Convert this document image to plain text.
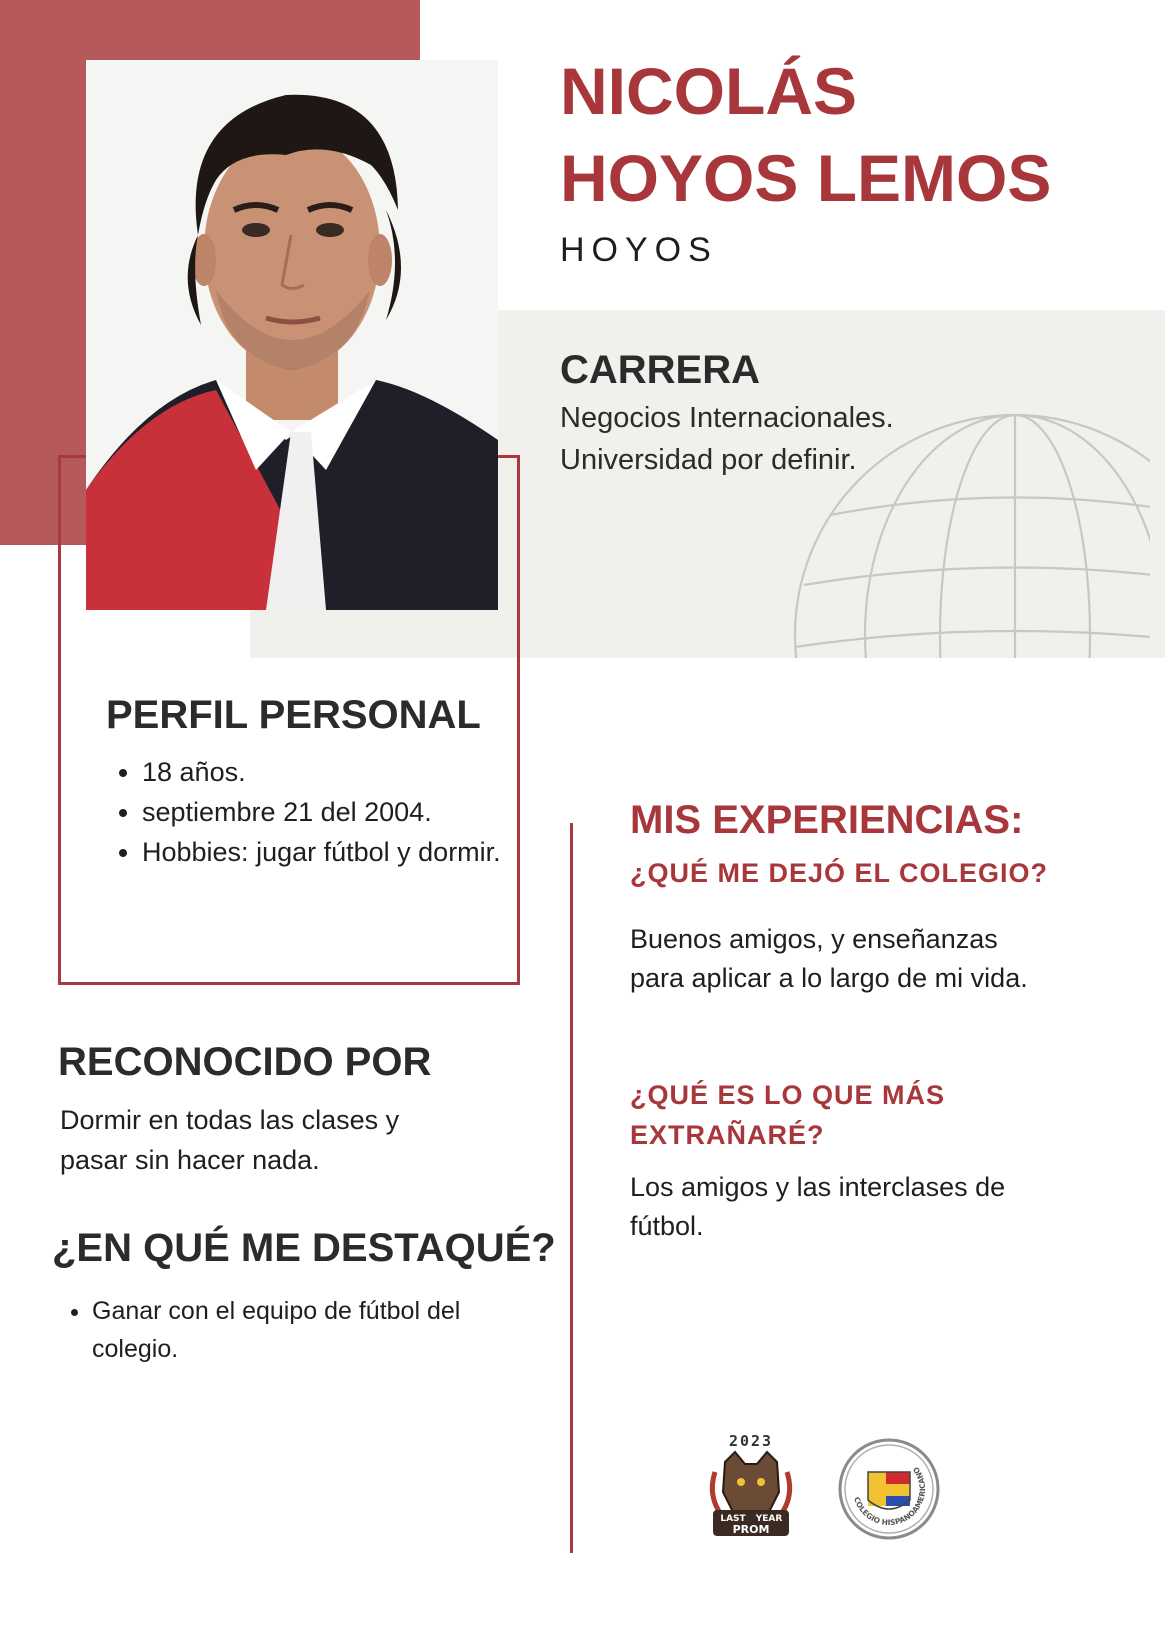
NICOLÁS
HOYOS LEMOS
HOYOS
CARRERA
Negocios Internacionales.
Universidad por definir.
PERFIL PERSONAL
• 18 años.
• septiembre 21 del 2004.
• Hobbies: jugar fútbol y dormir.
RECONOCIDO POR
Dormir en todas las clases y pasar sin hacer nada.
¿EN QUÉ ME DESTAQUÉ?
• Ganar con el equipo de fútbol del colegio.
MIS EXPERIENCIAS:
¿QUÉ ME DEJÓ EL COLEGIO?
Buenos amigos, y enseñanzas para aplicar a lo largo de mi vida.
¿QUÉ ES LO QUE MÁS EXTRAÑARÉ?
Los amigos y las interclases de fútbol.
2023
LAST YEAR
PROM
COLEGIO HISPANOAMERICANO
